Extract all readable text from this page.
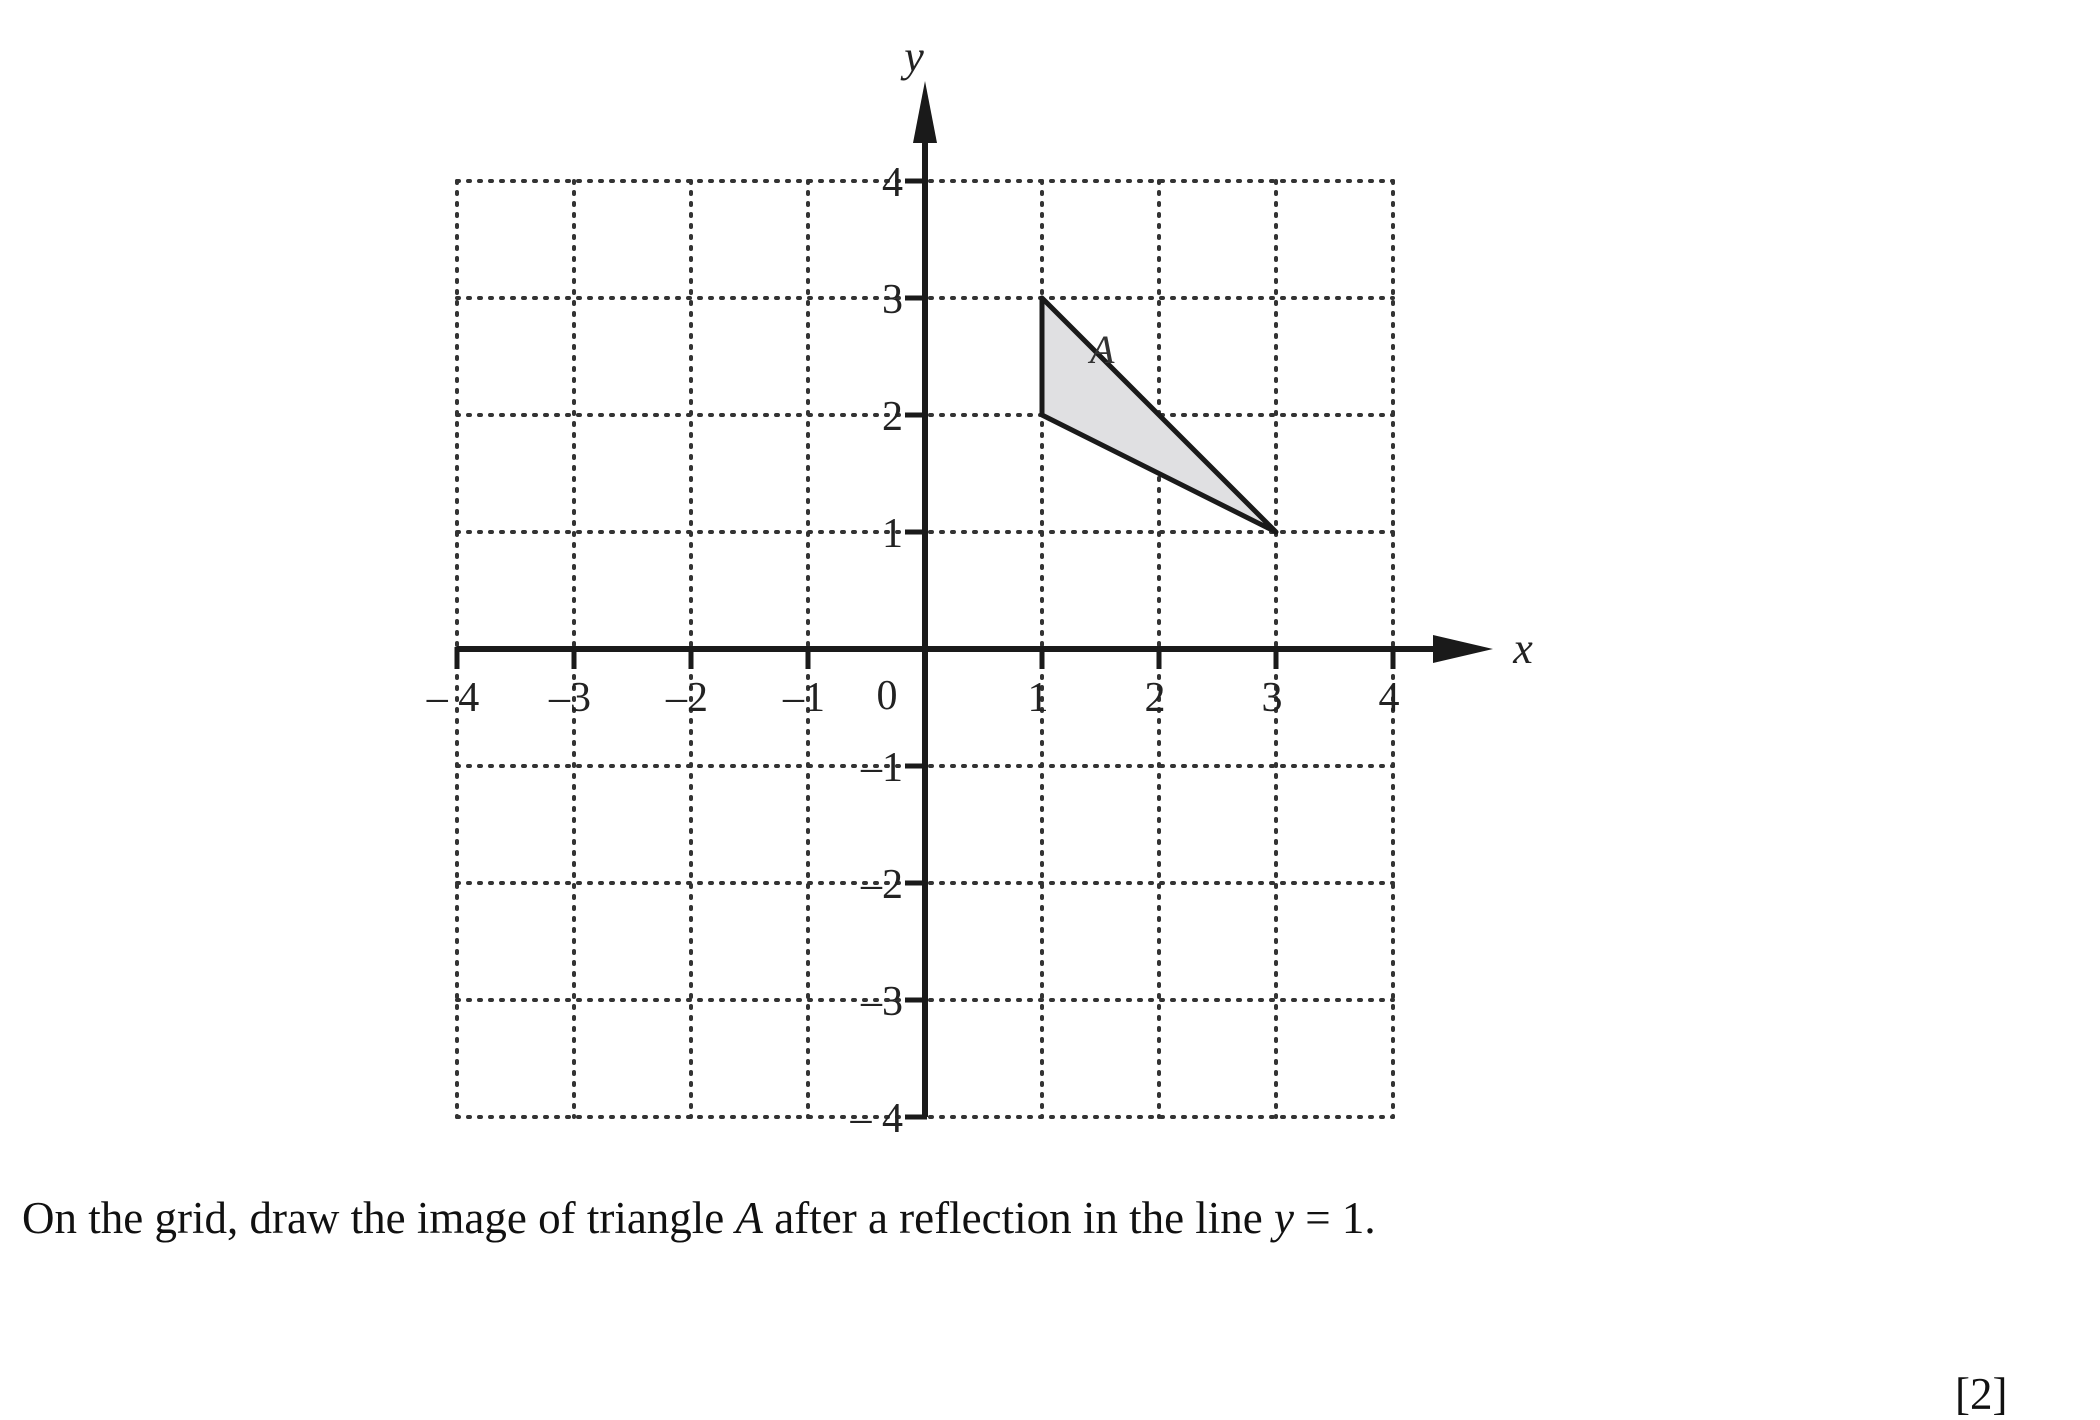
A
– 4 –3 –2 –1	1 2 3 4
4
3
2
1
–1
–2
–3
– 4
0
x
y
On the grid, draw the image of triangle A after a reflection in the line y = 1.
[2]
